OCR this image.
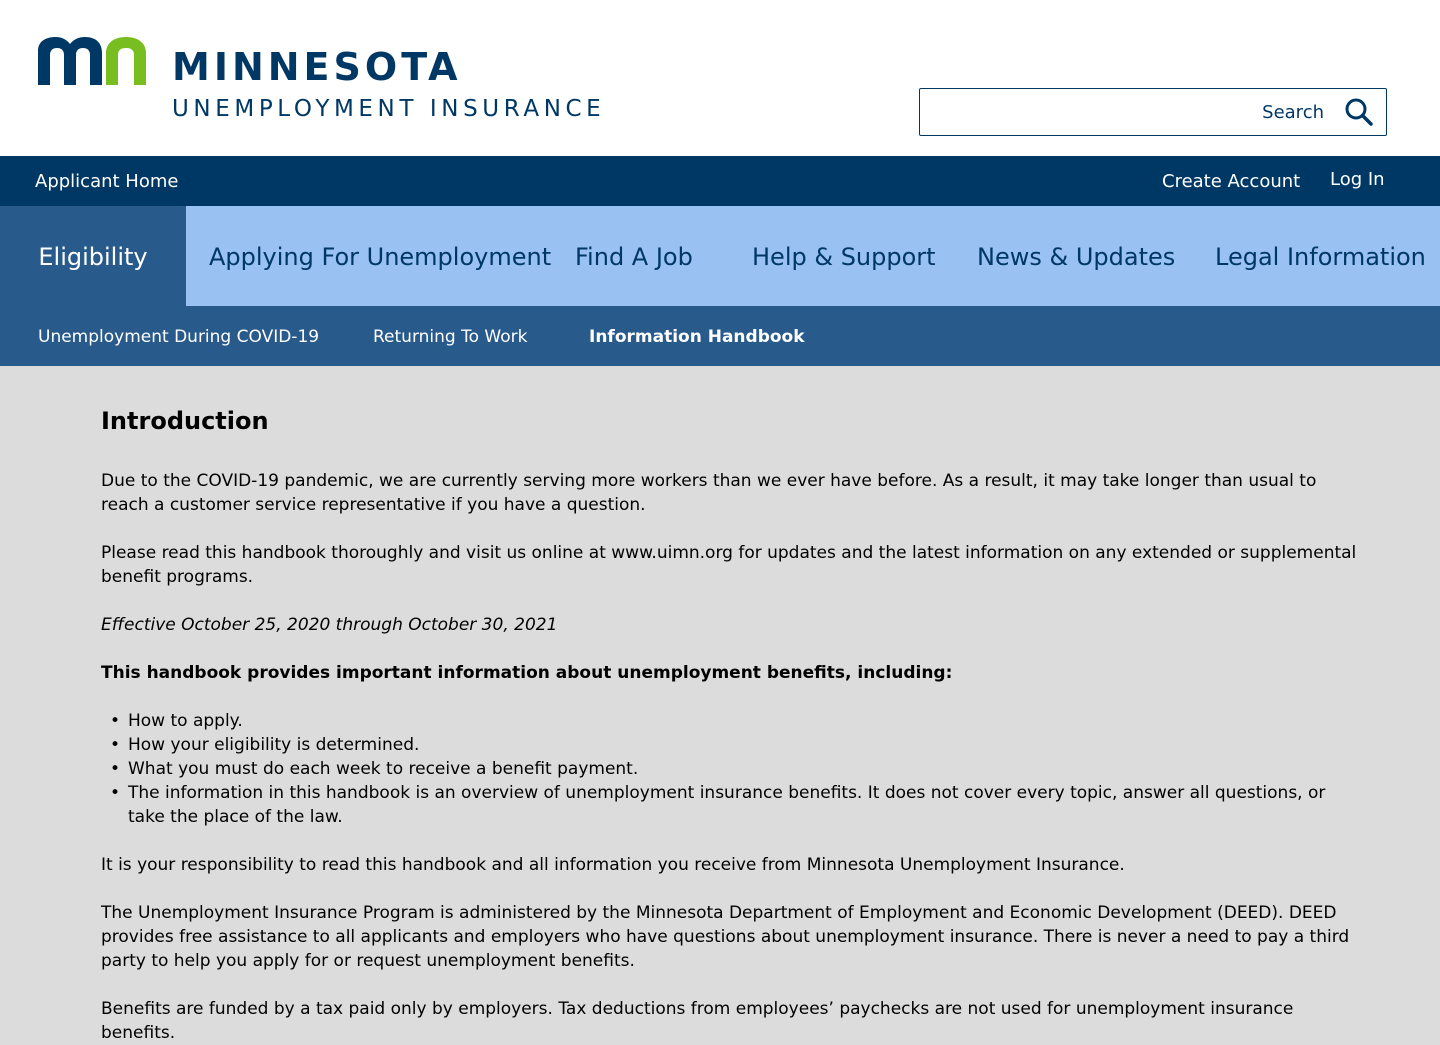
MINNESOTA
UNEMPLOYMENT INSURANCE
Search
Applicant Home	Create Account Log In
Eligibility	Applying For Unemployment Find A Job Help & Support News & Updates Legal Information
Unemployment During COVID-19	Returning To Work	Information Handbook
Introduction

Due to the COVID-19 pandemic, we are currently serving more workers than we ever have before. As a result, it may take longer than usual to reach a customer service representative if you have a question.

Please read this handbook thoroughly and visit us online at www.uimn.org for updates and the latest information on any extended or supplemental benefit programs.

Effective October 25, 2020 through October 30, 2021

This handbook provides important information about unemployment benefits, including:

• How to apply.
• How your eligibility is determined.
• What you must do each week to receive a benefit payment.
• The information in this handbook is an overview of unemployment insurance benefits. It does not cover every topic, answer all questions, or take the place of the law.

It is your responsibility to read this handbook and all information you receive from Minnesota Unemployment Insurance.

The Unemployment Insurance Program is administered by the Minnesota Department of Employment and Economic Development (DEED). DEED provides free assistance to all applicants and employers who have questions about unemployment insurance. There is never a need to pay a third party to help you apply for or request unemployment benefits.

Benefits are funded by a tax paid only by employers. Tax deductions from employees’ paychecks are not used for unemployment insurance benefits.
